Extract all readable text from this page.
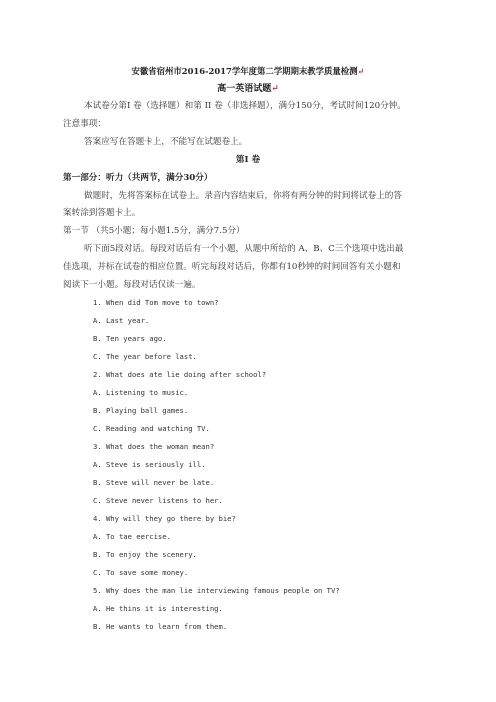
安徽省宿州市2016-2017学年度第二学期期末教学质量检测↵
高一英语试题↵
本试卷分第Ⅰ 卷（选择题）和第 II 卷（非选择题），满分150分，考试时间120分钟。
注意事项：
答案应写在答题卡上，不能写在试题卷上。
第Ⅰ 卷
第一部分：听力（共两节，满分30分）
做题时，先将答案标在试卷上。录音内容结束后，你将有两分钟的时间将试卷上的答
案转涂到答题卡上。
第一节 （共5小题；每小题1.5分，满分7.5分）
听下面5段对话。每段对话后有一个小题，从题中所给的 A、B、C三个选项中选出最
佳选项，并标在试卷的相应位置。听完每段对话后，你都有10秒钟的时间回答有关小题和
阅读下一小题。每段对话仅读一遍。
1. When did Tom move to town?
A. Last year.
B. Ten years ago.
C. The year before last.
2. What does ate lie doing after school?
A. Listening to music.
B. Playing ball games.
C. Reading and watching TV.
3. What does the woman mean?
A. Steve is seriously ill.
B. Steve will never be late.
C. Steve never listens to her.
4. Why will they go there by bie?
A. To tae eercise.
B. To enjoy the scenery.
C. To save some money.
5. Why does the man lie interviewing famous people on TV?
A. He thins it is interesting.
B. He wants to learn from them.
